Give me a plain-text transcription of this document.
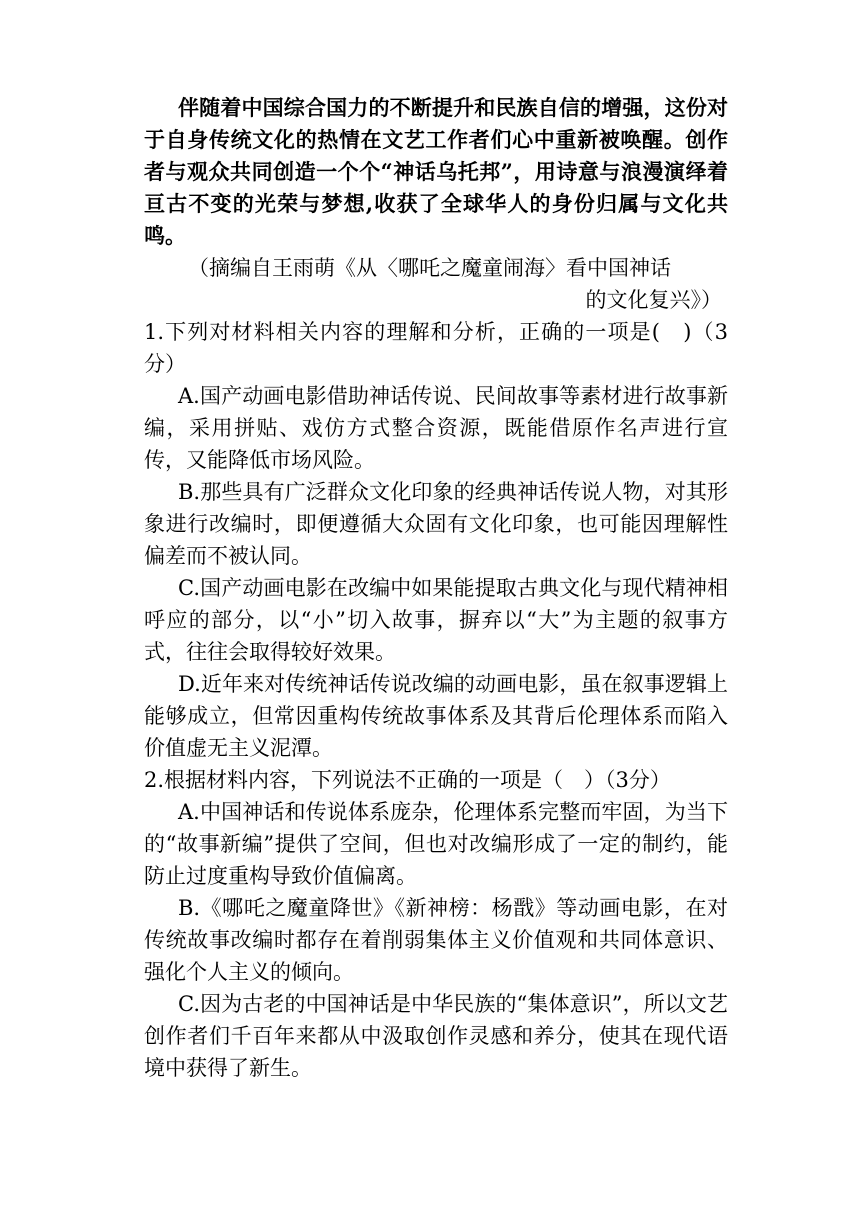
伴随着中国综合国力的不断提升和民族自信的增强，这份对于自身传统文化的热情在文艺工作者们心中重新被唤醒。创作者与观众共同创造一个个“神话乌托邦”，用诗意与浪漫演绎着亘古不变的光荣与梦想,收获了全球华人的身份归属与文化共鸣。

（摘编自王雨萌《从〈哪吒之魔童闹海〉看中国神话

的文化复兴》）

1.下列对材料相关内容的理解和分析，正确的一项是(　)（3分）

A.国产动画电影借助神话传说、民间故事等素材进行故事新编，采用拼贴、戏仿方式整合资源，既能借原作名声进行宣传，又能降低市场风险。

B.那些具有广泛群众文化印象的经典神话传说人物，对其形象进行改编时，即便遵循大众固有文化印象，也可能因理解性偏差而不被认同。

C.国产动画电影在改编中如果能提取古典文化与现代精神相呼应的部分，以“小”切入故事，摒弃以“大”为主题的叙事方式，往往会取得较好效果。

D.近年来对传统神话传说改编的动画电影，虽在叙事逻辑上能够成立，但常因重构传统故事体系及其背后伦理体系而陷入价值虚无主义泥潭。

2.根据材料内容，下列说法不正确的一项是（　）（3分）

A.中国神话和传说体系庞杂，伦理体系完整而牢固，为当下的“故事新编”提供了空间，但也对改编形成了一定的制约，能防止过度重构导致价值偏离。

B.《哪吒之魔童降世》《新神榜：杨戬》等动画电影，在对传统故事改编时都存在着削弱集体主义价值观和共同体意识、强化个人主义的倾向。

C.因为古老的中国神话是中华民族的“集体意识”，所以文艺创作者们千百年来都从中汲取创作灵感和养分，使其在现代语境中获得了新生。
